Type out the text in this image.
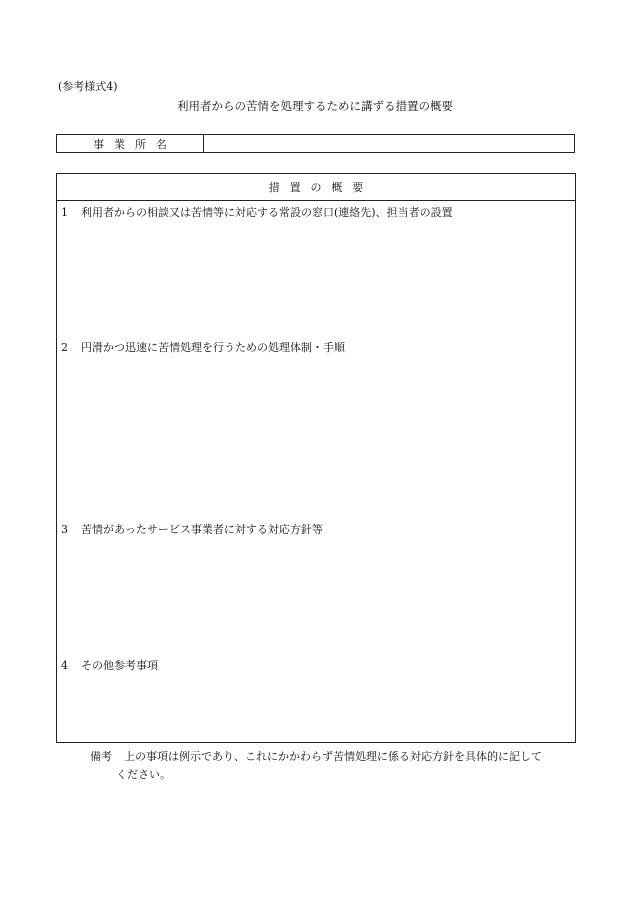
(参考様式4)
利用者からの苦情を処理するために講ずる措置の概要
事業所名
措置の概要
1	利用者からの相談又は苦情等に対応する常設の窓口(連絡先)、担当者の設置
2	円滑かつ迅速に苦情処理を行うための処理体制・手順
3	苦情があったサービス事業者に対する対応方針等
4	その他参考事項
備考 上の事項は例示であり、これにかかわらず苦情処理に係る対応方針を具体的に記して
ください。
